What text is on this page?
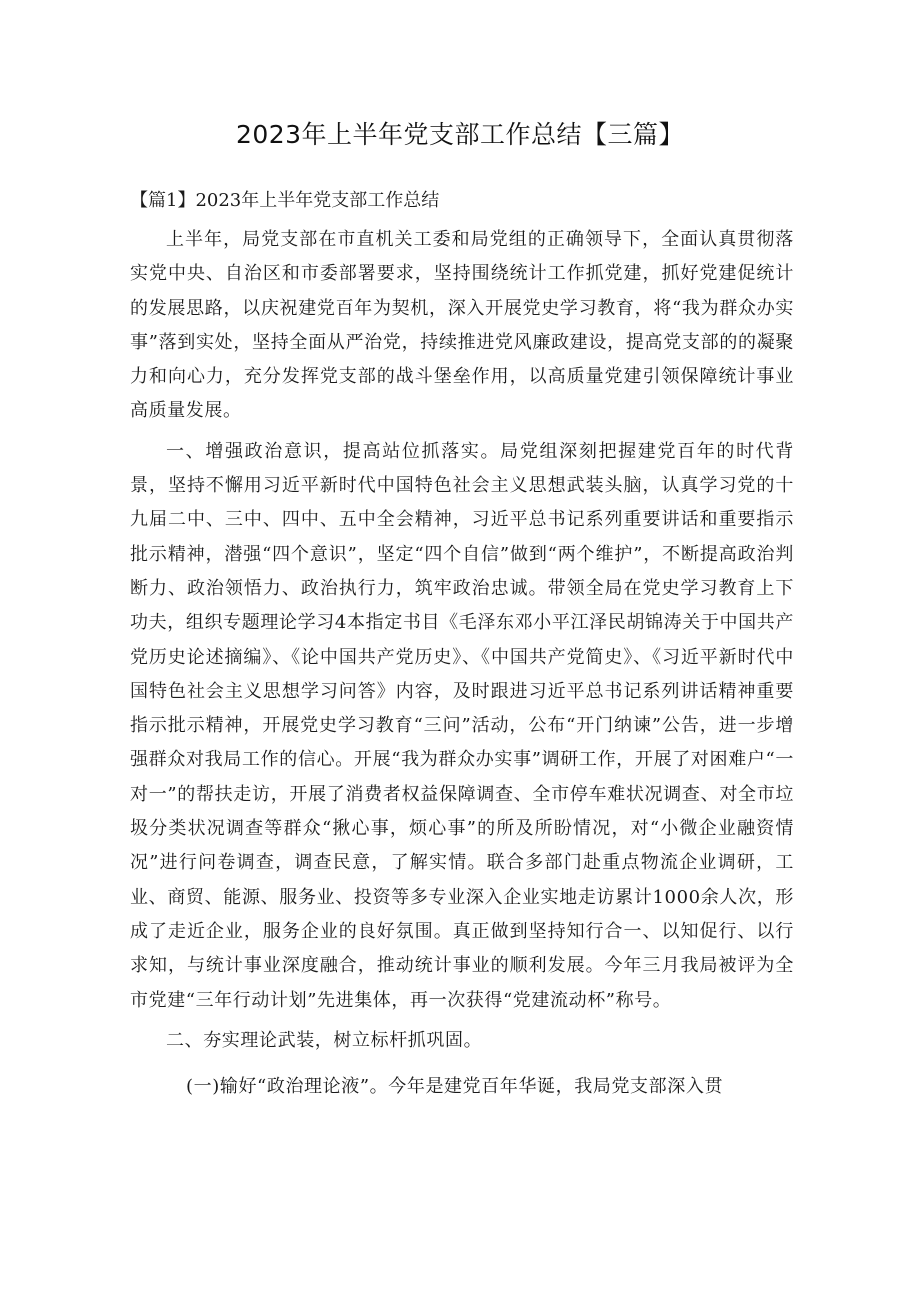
2023年上半年党支部工作总结【三篇】
【篇1】2023年上半年党支部工作总结

上半年，局党支部在市直机关工委和局党组的正确领导下，全面认真贯彻落实党中央、自治区和市委部署要求，坚持围绕统计工作抓党建，抓好党建促统计的发展思路，以庆祝建党百年为契机，深入开展党史学习教育，将“我为群众办实事”落到实处，坚持全面从严治党，持续推进党风廉政建设，提高党支部的的凝聚力和向心力，充分发挥党支部的战斗堡垒作用，以高质量党建引领保障统计事业高质量发展。

一、增强政治意识，提高站位抓落实。局党组深刻把握建党百年的时代背景，坚持不懈用习近平新时代中国特色社会主义思想武装头脑，认真学习党的十九届二中、三中、四中、五中全会精神，习近平总书记系列重要讲话和重要指示批示精神，潜强“四个意识”，坚定“四个自信”做到“两个维护”，不断提高政治判断力、政治领悟力、政治执行力，筑牢政治忠诚。带领全局在党史学习教育上下功夫，组织专题理论学习4本指定书目《毛泽东邓小平江泽民胡锦涛关于中国共产党历史论述摘编》、《论中国共产党历史》、《中国共产党简史》、《习近平新时代中国特色社会主义思想学习问答》内容，及时跟进习近平总书记系列讲话精神重要指示批示精神，开展党史学习教育“三问”活动，公布“开门纳谏”公告，进一步增强群众对我局工作的信心。开展“我为群众办实事”调研工作，开展了对困难户“一对一”的帮扶走访，开展了消费者权益保障调查、全市停车难状况调查、对全市垃圾分类状况调查等群众“揪心事，烦心事”的所及所盼情况，对“小微企业融资情况”进行问卷调查，调查民意，了解实情。联合多部门赴重点物流企业调研，工业、商贸、能源、服务业、投资等多专业深入企业实地走访累计1000余人次，形成了走近企业，服务企业的良好氛围。真正做到坚持知行合一、以知促行、以行求知，与统计事业深度融合，推动统计事业的顺利发展。今年三月我局被评为全市党建“三年行动计划”先进集体，再一次获得“党建流动杯”称号。

二、夯实理论武装，树立标杆抓巩固。

(一)输好“政治理论液”。今年是建党百年华诞，我局党支部深入贯
